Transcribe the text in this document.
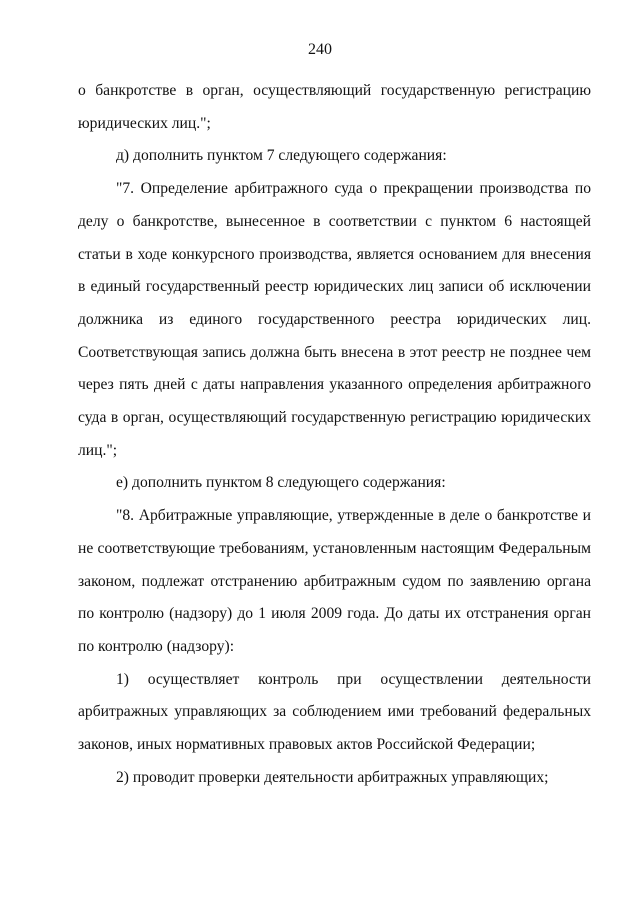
240

о банкротстве в орган, осуществляющий государственную регистрацию юридических лиц.";

д) дополнить пунктом 7 следующего содержания:

"7. Определение арбитражного суда о прекращении производства по делу о банкротстве, вынесенное в соответствии с пунктом 6 настоящей статьи в ходе конкурсного производства, является основанием для внесения в единый государственный реестр юридических лиц записи об исключении должника из единого государственного реестра юридических лиц. Соответствующая запись должна быть внесена в этот реестр не позднее чем через пять дней с даты направления указанного определения арбитражного суда в орган, осуществляющий государственную регистрацию юридических лиц.";

е) дополнить пунктом 8 следующего содержания:

"8. Арбитражные управляющие, утвержденные в деле о банкротстве и не соответствующие требованиям, установленным настоящим Федеральным законом, подлежат отстранению арбитражным судом по заявлению органа по контролю (надзору) до 1 июля 2009 года. До даты их отстранения орган по контролю (надзору):

1) осуществляет контроль при осуществлении деятельности арбитражных управляющих за соблюдением ими требований федеральных законов, иных нормативных правовых актов Российской Федерации;

2) проводит проверки деятельности арбитражных управляющих;
